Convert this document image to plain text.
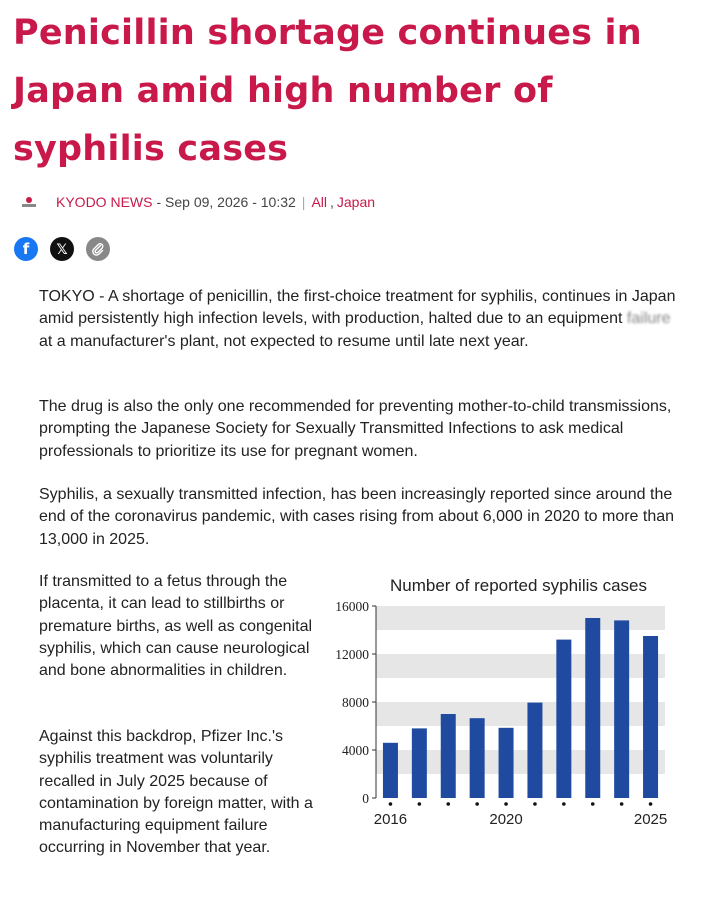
Penicillin shortage continues in Japan amid high number of syphilis cases
KYODO NEWS - Sep 09, 2026 - 10:32 | All , Japan
f	𝕏

TOKYO - A shortage of penicillin, the first-choice treatment for syphilis, continues in Japan amid persistently high infection levels, with production, halted due to an equipment failure at a manufacturer's plant, not expected to resume until late next year.

The drug is also the only one recommended for preventing mother-to-child transmissions, prompting the Japanese Society for Sexually Transmitted Infections to ask medical professionals to prioritize its use for pregnant women.

Syphilis, a sexually transmitted infection, has been increasingly reported since around the end of the coronavirus pandemic, with cases rising from about 6,000 in 2020 to more than 13,000 in 2025.

If transmitted to a fetus through the placenta, it can lead to stillbirths or premature births, as well as congenital syphilis, which can cause neurological and bone abnormalities in children.

Against this backdrop, Pfizer Inc.'s syphilis treatment was voluntarily recalled in July 2025 because of contamination by foreign matter, with a manufacturing equipment failure occurring in November that year.

Number of reported syphilis cases
0
4000
8000
12000
16000
2016	2020	2025
